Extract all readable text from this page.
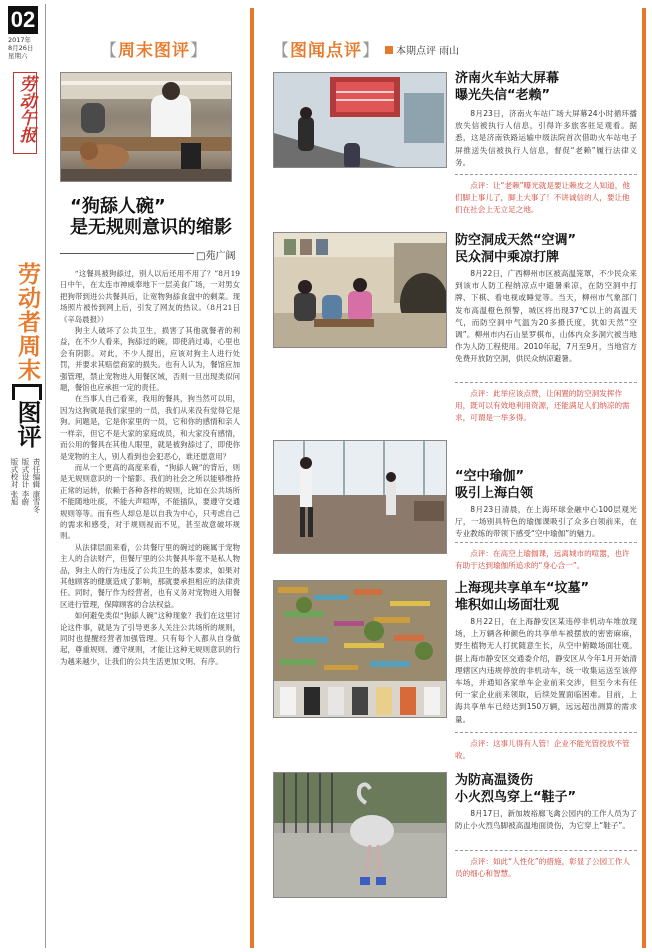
02
2017年
8月26日
星期六
劳动午报
劳动者周末
图评
责任编辑 康雪冬
版式设计 李蔚
版式校对 张旭
【周末图评】
“狗舔人碗”
是无规则意识的缩影
□苑广阔

“这餐具被狗舔过，别人以后还用不用了？”8月19日中午，在太连市神威奉地下一层美食广场，一对男女把狗带到进公共餐具后，让宽物狗舔食盘中的剩菜。现场照片被传到网上后，引发了网友的热议。（8月21日《辛岛晨报》）

狗主人破坏了公共卫生，损害了其他就餐者的利益，在不少人看来，狗舔过的碗，即使消过毒，心里也会有阴影。对此，不少人提出，应该对狗主人进行处罚，并要求其赔偿商家的损失。也有人认为，餐馆应加强管理，禁止宠物进入用餐区域，否则一旦出现类似问题，餐馆也应承担一定的责任。

在当事人自己看来，我用的餐具，狗当然可以用，因为这狗就是我们家里的一员，我们从来没有觉得它是狗。问题是，它是你家里的一员，它和你的感情和亲人一样亲，但它不是大家的家庭成员，和大家没有感情，而公用的餐具在其他人眼里，就是被狗舔过了，即使你是宠物的主人，别人看到也会犯恶心，谁还愿意用？

而从一个更高的高度来看，“狗舔人碗”的背后，则是无规则意识的一个缩影。我们的社会之所以能够维持正常的运转，依赖于各种各样的规则，比如在公共场所不能随地吐痰，不能大声喧哗，不能插队，要遵守交通规则等等。而有些人却总是以自我为中心，只考虑自己的需求和感受，对于规则视而不见，甚至故意破坏规则。

从法律层面来看，公共餐厅里的碗过的碗属于宠物主人的合法财产，但餐厅里的公共餐具毕竟不是私人物品，狗主人的行为违反了公共卫生的基本要求，如果对其他顾客的健康造成了影响，那就要承担相应的法律责任。同时，餐厅作为经营者，也有义务对宠物进入用餐区进行管理，保障顾客的合法权益。

如何避免类似“狗舔人碗”这种现象？我们在这里讨论这件事，就是为了引导更多人关注公共场所的规则，同时也提醒经营者加强管理。只有每个人都从自身做起，尊重规则、遵守规则，才能让这种无规则意识的行为越来越少，让我们的公共生活更加文明、有序。

【图闻点评】	本期点评 雨山
济南火车站大屏幕
曝光失信“老赖”

8月23日，济南火车站广场大屏幕24小时循环播放失信被执行人信息，引得许多旅客驻足观看。据悉，这是济南铁路运输中级法院首次借助火车站电子屏推送失信被执行人信息，督促“老赖”履行法律义务。

点评：让“老赖”曝光就是要让赖皮之人知道，他们脚上事儿了，脚上大事了！不讲诚信的人，要让他们在社会上无立足之地。
防空洞成天然“空调”
民众洞中乘凉打牌

8月22日，广西柳州市区被高温笼罩，不少民众来到该市人防工程纳凉点中避暑乘凉，在防空洞中打牌、下棋、看电视或睡觉等。当天，柳州市气象部门发布高温橙色预警，城区将出现37℃以上的高温天气，而防空洞中气温为20多摄氏度，犹如天然“空调”。柳州市内石山星罗棋布，山体内众多洞穴被当地作为人防工程使用。2010年起，7月至9月，当地官方免费开放防空洞，供民众纳凉避暑。

点评：此举应该点赞，让闲置的防空洞发挥作用，既可以有效地利用资源，还能满足人们纳凉的需求，可谓是一举多得。
“空中瑜伽”
吸引上海白领

8月23日清晨，在上海环球金融中心100层观光厅，一场别具特色的瑜伽课吸引了众多白领前来，在专业教练的带领下感受“空中瑜伽”的魅力。

点评：在高空上瑜伽课，远离城市的喧嚣，也许有助于达到瑜伽所追求的“身心合一”。
上海现共享单车“坟墓”
堆积如山场面壮观

8月22日，在上海静安区某违停非机动车堆放现场，上万辆各种颜色的共享单车被摆放的密密麻麻，野生植物无人打扰随意生长，从空中俯瞰场面壮观。据上海市静安区交通委介绍，静安区从今年1月开始清理辖区内违规停放的非机动车，统一收集运送至该停车场，并通知各家单车企业前来交涉，但至今未有任何一家企业前来领取，后续处置面临困难。目前，上海共享单车已经达到150万辆，远远超出测算的需求量。

点评：这事儿得有人管！企业不能光管投放不管收。
为防高温烫伤
小火烈鸟穿上“鞋子”

8月17日，新加坡裕廊飞禽公园内的工作人员为了防止小火烈鸟脚被高温地面烫伤，为它穿上“鞋子”。

点评：如此“人性化”的措施，彰显了公园工作人员的细心和智慧。
